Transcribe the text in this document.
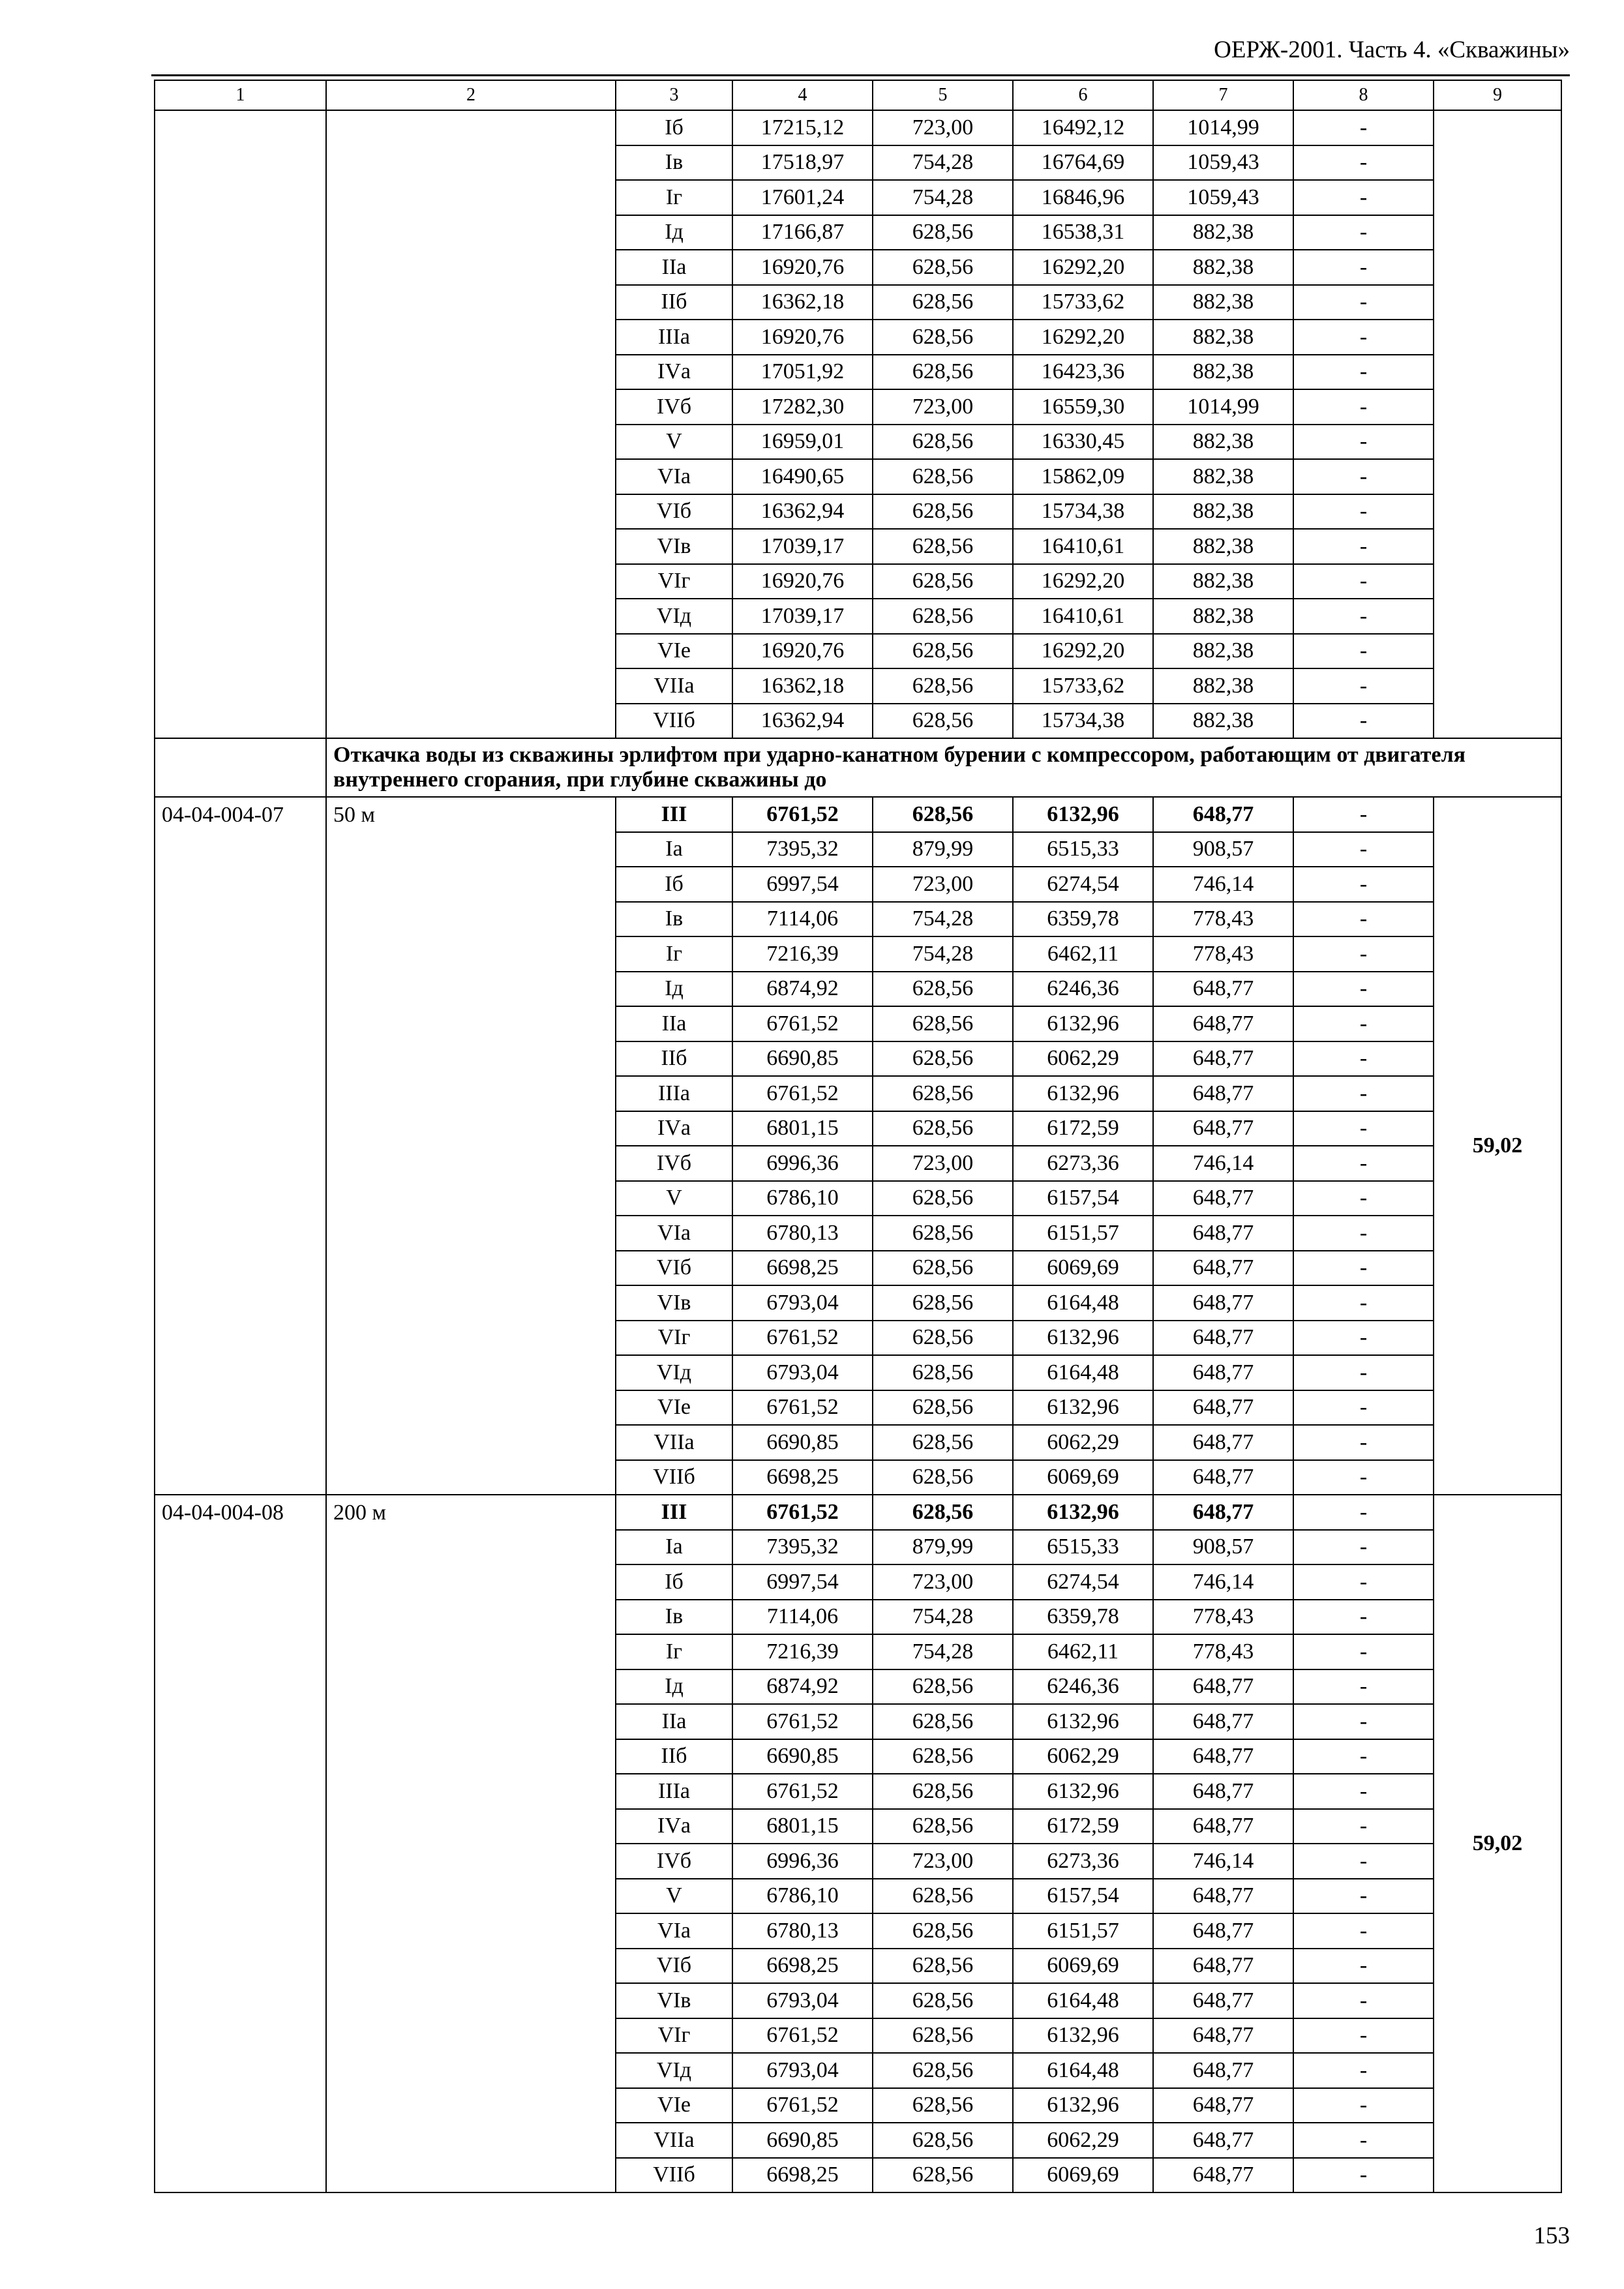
ОЕРЖ-2001. Часть 4. «Скважины»
1	2	3	4	5	6	7	8	9
		Iб	17215,12	723,00	16492,12	1014,99	-	
		Iв	17518,97	754,28	16764,69	1059,43	-	
		Iг	17601,24	754,28	16846,96	1059,43	-	
		Iд	17166,87	628,56	16538,31	882,38	-	
		IIа	16920,76	628,56	16292,20	882,38	-	
		IIб	16362,18	628,56	15733,62	882,38	-	
		IIIа	16920,76	628,56	16292,20	882,38	-	
		IVа	17051,92	628,56	16423,36	882,38	-	
		IVб	17282,30	723,00	16559,30	1014,99	-	
		V	16959,01	628,56	16330,45	882,38	-	
		VIа	16490,65	628,56	15862,09	882,38	-	
		VIб	16362,94	628,56	15734,38	882,38	-	
		VIв	17039,17	628,56	16410,61	882,38	-	
		VIг	16920,76	628,56	16292,20	882,38	-	
		VIд	17039,17	628,56	16410,61	882,38	-	
		VIе	16920,76	628,56	16292,20	882,38	-	
		VIIа	16362,18	628,56	15733,62	882,38	-	
		VIIб	16362,94	628,56	15734,38	882,38	-	
	Откачка воды из скважины эрлифтом при ударно-канатном бурении с компрессором, работающим от двигателя внутреннего сгорания, при глубине скважины до							
04-04-004-07	50 м	III	6761,52	628,56	6132,96	648,77	-	59,02
		Iа	7395,32	879,99	6515,33	908,57	-	
		Iб	6997,54	723,00	6274,54	746,14	-	
		Iв	7114,06	754,28	6359,78	778,43	-	
		Iг	7216,39	754,28	6462,11	778,43	-	
		Iд	6874,92	628,56	6246,36	648,77	-	
		IIа	6761,52	628,56	6132,96	648,77	-	
		IIб	6690,85	628,56	6062,29	648,77	-	
		IIIа	6761,52	628,56	6132,96	648,77	-	
		IVа	6801,15	628,56	6172,59	648,77	-	
		IVб	6996,36	723,00	6273,36	746,14	-	
		V	6786,10	628,56	6157,54	648,77	-	
		VIа	6780,13	628,56	6151,57	648,77	-	
		VIб	6698,25	628,56	6069,69	648,77	-	
		VIв	6793,04	628,56	6164,48	648,77	-	
		VIг	6761,52	628,56	6132,96	648,77	-	
		VIд	6793,04	628,56	6164,48	648,77	-	
		VIе	6761,52	628,56	6132,96	648,77	-	
		VIIа	6690,85	628,56	6062,29	648,77	-	
		VIIб	6698,25	628,56	6069,69	648,77	-	
04-04-004-08	200 м	III	6761,52	628,56	6132,96	648,77	-	59,02
		Iа	7395,32	879,99	6515,33	908,57	-	
		Iб	6997,54	723,00	6274,54	746,14	-	
		Iв	7114,06	754,28	6359,78	778,43	-	
		Iг	7216,39	754,28	6462,11	778,43	-	
		Iд	6874,92	628,56	6246,36	648,77	-	
		IIа	6761,52	628,56	6132,96	648,77	-	
		IIб	6690,85	628,56	6062,29	648,77	-	
		IIIа	6761,52	628,56	6132,96	648,77	-	
		IVа	6801,15	628,56	6172,59	648,77	-	
		IVб	6996,36	723,00	6273,36	746,14	-	
		V	6786,10	628,56	6157,54	648,77	-	
		VIа	6780,13	628,56	6151,57	648,77	-	
		VIб	6698,25	628,56	6069,69	648,77	-	
		VIв	6793,04	628,56	6164,48	648,77	-	
		VIг	6761,52	628,56	6132,96	648,77	-	
		VIд	6793,04	628,56	6164,48	648,77	-	
		VIе	6761,52	628,56	6132,96	648,77	-	
		VIIа	6690,85	628,56	6062,29	648,77	-	
		VIIб	6698,25	628,56	6069,69	648,77	-	
153
